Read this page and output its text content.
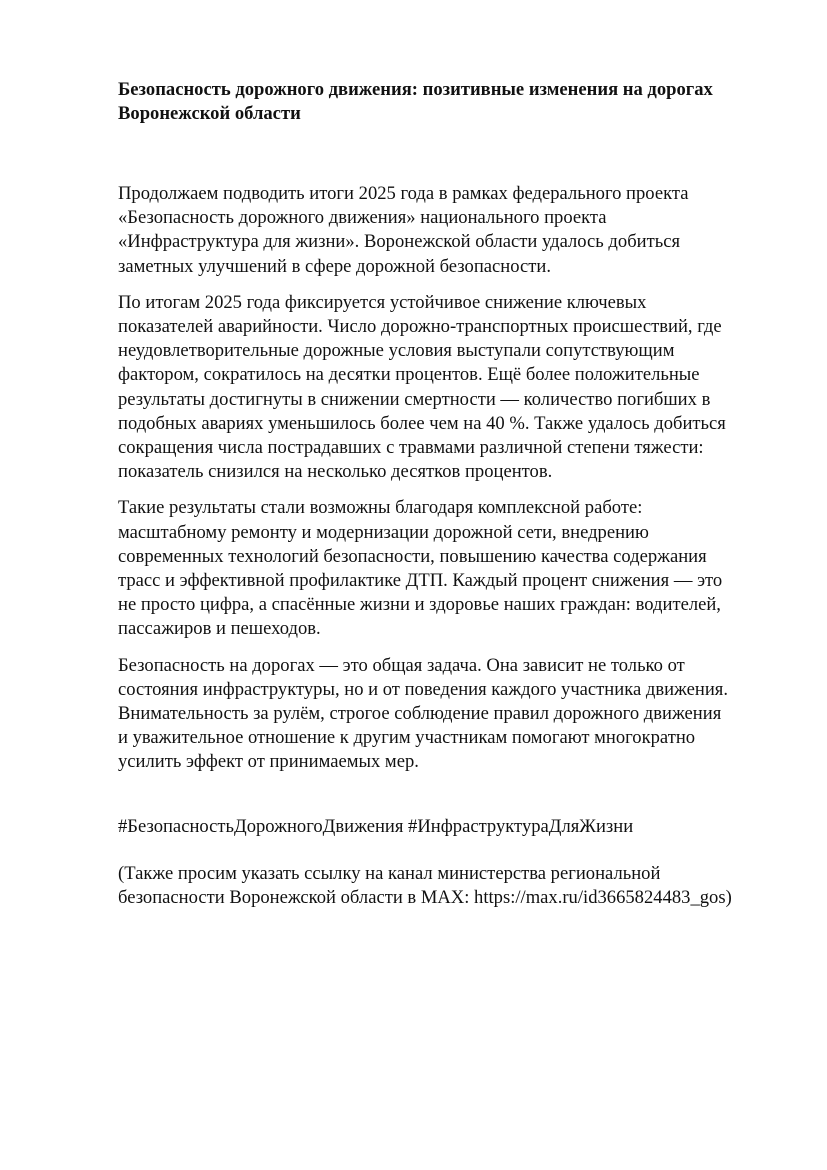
Безопасность дорожного движения: позитивные изменения на дорогах
Воронежской области

Продолжаем подводить итоги 2025 года в рамках федерального проекта
«Безопасность дорожного движения» национального проекта
«Инфраструктура для жизни». Воронежской области удалось добиться
заметных улучшений в сфере дорожной безопасности.

По итогам 2025 года фиксируется устойчивое снижение ключевых
показателей аварийности. Число дорожно-транспортных происшествий, где
неудовлетворительные дорожные условия выступали сопутствующим
фактором, сократилось на десятки процентов. Ещё более положительные
результаты достигнуты в снижении смертности — количество погибших в
подобных авариях уменьшилось более чем на 40 %. Также удалось добиться
сокращения числа пострадавших с травмами различной степени тяжести:
показатель снизился на несколько десятков процентов.

Такие результаты стали возможны благодаря комплексной работе:
масштабному ремонту и модернизации дорожной сети, внедрению
современных технологий безопасности, повышению качества содержания
трасс и эффективной профилактике ДТП. Каждый процент снижения — это
не просто цифра, а спасённые жизни и здоровье наших граждан: водителей,
пассажиров и пешеходов.

Безопасность на дорогах — это общая задача. Она зависит не только от
состояния инфраструктуры, но и от поведения каждого участника движения.
Внимательность за рулём, строгое соблюдение правил дорожного движения
и уважительное отношение к другим участникам помогают многократно
усилить эффект от принимаемых мер.

#БезопасностьДорожногоДвижения #ИнфраструктураДляЖизни

(Также просим указать ссылку на канал министерства региональной
безопасности Воронежской области в MAX: https://max.ru/id3665824483_gos)
